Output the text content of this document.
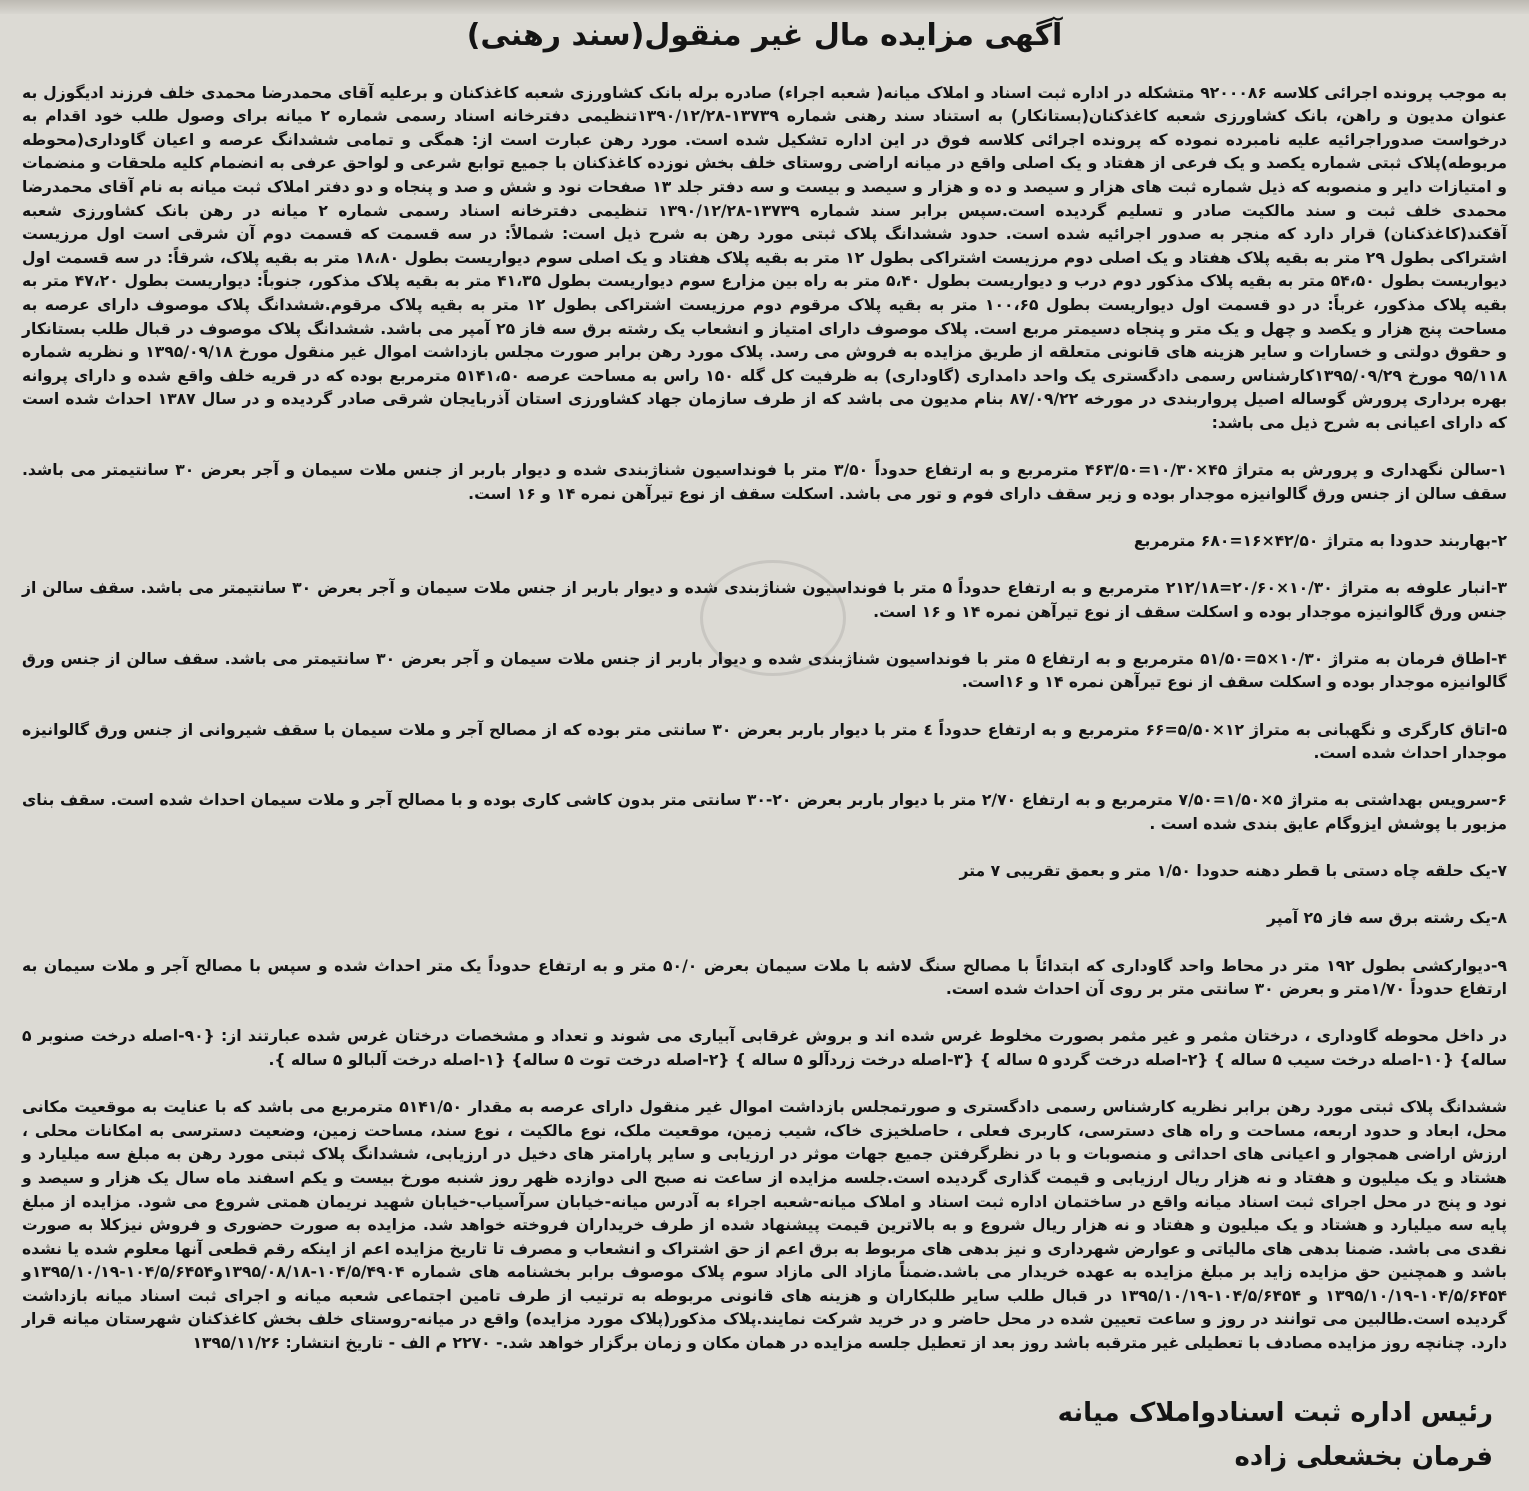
آگهی مزایده مال غیر منقول(سند رهنی)

به موجب پرونده اجرائی کلاسه ۹۲۰۰۰۸۶ متشکله در اداره ثبت اسناد و املاک میانه( شعبه اجراء) صادره برله بانک کشاورزی شعبه کاغذکنان و برعلیه آقای محمدرضا محمدی خلف فرزند ادیگوزل به عنوان مدیون و راهن، بانک کشاورزی شعبه کاغذکنان(بستانکار) به استناد سند رهنی شماره ۱۳۷۳۹-۱۳۹۰/۱۲/۲۸تنظیمی دفترخانه اسناد رسمی شماره ۲ میانه برای وصول طلب خود اقدام به درخواست صدوراجرائیه علیه نامبرده نموده که پرونده اجرائی کلاسه فوق در این اداره تشکیل شده است. مورد رهن عبارت است از: همگی و تمامی ششدانگ عرصه و اعیان گاوداری(محوطه مربوطه)پلاک ثبتی شماره یکصد و یک فرعی از هفتاد و یک اصلی واقع در میانه اراضی روستای خلف بخش نوزده کاغذکنان با جمیع توابع شرعی و لواحق عرفی به انضمام کلیه ملحقات و منضمات و امتیازات دایر و منصوبه که ذیل شماره ثبت های هزار و سیصد و ده و هزار و سیصد و بیست و سه دفتر جلد ۱۳ صفحات نود و شش و صد و پنجاه و دو دفتر املاک ثبت میانه به نام آقای محمدرضا محمدی خلف ثبت و سند مالکیت صادر و تسلیم گردیده است.سپس برابر سند شماره ۱۳۷۳۹-۱۳۹۰/۱۲/۲۸ تنظیمی دفترخانه اسناد رسمی شماره ۲ میانه در رهن بانک کشاورزی شعبه آقکند(کاغذکنان) قرار دارد که منجر به صدور اجرائیه شده است. حدود ششدانگ پلاک ثبتی مورد رهن به شرح ذیل است: شمالاً: در سه قسمت که قسمت دوم آن شرقی است اول مرزیست اشتراکی بطول ۲۹ متر به بقیه پلاک هفتاد و یک اصلی دوم مرزیست اشتراکی بطول ۱۲ متر به بقیه پلاک هفتاد و یک اصلی سوم دیواریست بطول ۱۸،۸۰ متر به بقیه پلاک، شرقاً: در سه قسمت اول دیواریست بطول ۵۴،۵۰ متر به بقیه پلاک مذکور دوم درب و دیواریست بطول ۵،۴۰ متر به راه بین مزارع سوم دیواریست بطول ۴۱،۳۵ متر به بقیه پلاک مذکور، جنوباً: دیواریست بطول ۴۷،۲۰ متر به بقیه پلاک مذکور، غرباً: در دو قسمت اول دیواریست بطول ۱۰۰،۶۵ متر به بقیه پلاک مرقوم دوم مرزیست اشتراکی بطول ۱۲ متر به بقیه پلاک مرقوم.ششدانگ پلاک موصوف دارای عرصه به مساحت پنج هزار و یکصد و چهل و یک متر و پنجاه دسیمتر مربع است. پلاک موصوف دارای امتیاز و انشعاب یک رشته برق سه فاز ۲۵ آمپر می باشد. ششدانگ پلاک موصوف در قبال طلب بستانکار و حقوق دولتی و خسارات و سایر هزینه های قانونی متعلقه از طریق مزایده به فروش می رسد. پلاک مورد رهن برابر صورت مجلس بازداشت اموال غیر منقول مورخ ۱۳۹۵/۰۹/۱۸ و نظریه شماره ۹۵/۱۱۸ مورخ ۱۳۹۵/۰۹/۲۹کارشناس رسمی دادگستری یک واحد دامداری (گاوداری) به ظرفیت کل گله ۱۵۰ راس به مساحت عرصه ۵۱۴۱،۵۰ مترمربع بوده که در قریه خلف واقع شده و دارای پروانه بهره برداری پرورش گوساله اصیل پرواربندی در مورخه ۸۷/۰۹/۲۲ بنام مدیون می باشد که از طرف سازمان جهاد کشاورزی استان آذربایجان شرقی صادر گردیده و در سال ۱۳۸۷ احداث شده است که دارای اعیانی به شرح ذیل می باشد:

۱-سالن نگهداری و پرورش به متراژ ۴۵×۱۰/۳۰=۴۶۳/۵۰ مترمربع و به ارتفاع حدوداً ۳/۵۰ متر با فونداسیون شناژبندی شده و دیوار باربر از جنس ملات سیمان و آجر بعرض ۳۰ سانتیمتر می باشد. سقف سالن از جنس ورق گالوانیزه موجدار بوده و زیر سقف دارای فوم و تور می باشد. اسکلت سقف از نوع تیرآهن نمره ۱۴ و ۱۶ است.

۲-بهاربند حدودا به متراژ ۴۲/۵۰×۱۶=۶۸۰ مترمربع

۳-انبار علوفه به متراژ ۱۰/۳۰×۲۰/۶۰=۲۱۲/۱۸ مترمربع و به ارتفاع حدوداً ۵ متر با فونداسیون شناژبندی شده و دیوار باربر از جنس ملات سیمان و آجر بعرض ۳۰ سانتیمتر می باشد. سقف سالن از جنس ورق گالوانیزه موجدار بوده و اسکلت سقف از نوع تیرآهن نمره ۱۴ و ۱۶ است.

۴-اطاق فرمان به متراژ ۱۰/۳۰×۵=۵۱/۵۰ مترمربع و به ارتفاع ۵ متر با فونداسیون شناژبندی شده و دیوار باربر از جنس ملات سیمان و آجر بعرض ۳۰ سانتیمتر می باشد. سقف سالن از جنس ورق گالوانیزه موجدار بوده و اسکلت سقف از نوع تیرآهن نمره ۱۴ و ۱۶است.

۵-اتاق کارگری و نگهبانی به متراژ ۱۲×۵/۵۰=۶۶ مترمربع و به ارتفاع حدوداً ٤ متر با دیوار باربر بعرض ۳۰ سانتی متر بوده که از مصالح آجر و ملات سیمان با سقف شیروانی از جنس ورق گالوانیزه موجدار احداث شده است.

۶-سرویس بهداشتی به متراژ ۵×۱/۵۰=۷/۵۰ مترمربع و به ارتفاع ۲/۷۰ متر با دیوار باربر بعرض ۲۰-۳۰ سانتی متر بدون کاشی کاری بوده و با مصالح آجر و ملات سیمان احداث شده است. سقف بنای مزبور با پوشش ایزوگام عایق بندی شده است .

۷-یک حلقه چاه دستی با قطر دهنه حدودا ۱/۵۰ متر و بعمق تقریبی ۷ متر

۸-یک رشته برق سه فاز ۲۵ آمپر

۹-دیوارکشی بطول ۱۹۲ متر در محاط واحد گاوداری که ابتدائاً با مصالح سنگ لاشه با ملات سیمان بعرض ۵۰/۰ متر و به ارتفاع حدوداً یک متر احداث شده و سپس با مصالح آجر و ملات سیمان به ارتفاع حدوداً ۱/۷۰متر و بعرض ۳۰ سانتی متر بر روی آن احداث شده است.

در داخل محوطه گاوداری ، درختان مثمر و غیر مثمر بصورت مخلوط غرس شده اند و بروش غرقابی آبیاری می شوند و تعداد و مشخصات درختان غرس شده عبارتند از: {۹۰-اصله درخت صنوبر ۵ ساله} {۱۰-اصله درخت سیب ۵ ساله } {۲-اصله درخت گردو ۵ ساله } {۳-اصله درخت زردآلو ۵ ساله } {۲-اصله درخت توت ۵ ساله} {۱-اصله درخت آلبالو ۵ ساله }.

ششدانگ پلاک ثبتی مورد رهن برابر نظریه کارشناس رسمی دادگستری و صورتمجلس بازداشت اموال غیر منقول دارای عرصه به مقدار ۵۱۴۱/۵۰ مترمربع می باشد که با عنایت به موقعیت مکانی محل، ابعاد و حدود اربعه، مساحت و راه های دسترسی، کاربری فعلی ، حاصلخیزی خاک، شیب زمین، موقعیت ملک، نوع مالکیت ، نوع سند، مساحت زمین، وضعیت دسترسی به امکانات محلی ، ارزش اراضی همجوار و اعیانی های احداثی و منصوبات و با در نظرگرفتن جمیع جهات موثر در ارزیابی و سایر پارامتر های دخیل در ارزیابی، ششدانگ پلاک ثبتی مورد رهن به مبلغ سه میلیارد و هشتاد و یک میلیون و هفتاد و نه هزار ریال ارزیابی و قیمت گذاری گردیده است.جلسه مزایده از ساعت نه صبح الی دوازده ظهر روز شنبه مورخ بیست و یکم اسفند ماه سال یک هزار و سیصد و نود و پنج در محل اجرای ثبت اسناد میانه واقع در ساختمان اداره ثبت اسناد و املاک میانه-شعبه اجراء به آدرس میانه-خیابان سرآسیاب-خیابان شهید نریمان همتی شروع می شود. مزایده از مبلغ پایه سه میلیارد و هشتاد و یک میلیون و هفتاد و نه هزار ریال شروع و به بالاترین قیمت پیشنهاد شده از طرف خریداران فروخته خواهد شد. مزایده به صورت حضوری و فروش نیزکلا به صورت نقدی می باشد. ضمنا بدهی های مالیاتی و عوارض شهرداری و نیز بدهی های مربوط به برق اعم از حق اشتراک و انشعاب و مصرف تا تاریخ مزایده اعم از اینکه رقم قطعی آنها معلوم شده یا نشده باشد و همچنین حق مزایده زاید بر مبلغ مزایده به عهده خریدار می باشد.ضمناً مازاد الی مازاد سوم پلاک موصوف برابر بخشنامه های شماره ۱۰۴/۵/۴۹۰۴-۱۳۹۵/۰۸/۱۸و۱۰۴/۵/۶۴۵۴-۱۳۹۵/۱۰/۱۹و ۱۰۴/۵/۶۴۵۴-۱۳۹۵/۱۰/۱۹ و ۱۰۴/۵/۶۴۵۴-۱۳۹۵/۱۰/۱۹ در قبال طلب سایر طلبکاران و هزینه های قانونی مربوطه به ترتیب از طرف تامین اجتماعی شعبه میانه و اجرای ثبت اسناد میانه بازداشت گردیده است.طالبین می توانند در روز و ساعت تعیین شده در محل حاضر و در خرید شرکت نمایند.پلاک مذکور(پلاک مورد مزایده) واقع در میانه-روستای خلف بخش کاغذکنان شهرستان میانه قرار دارد. چنانچه روز مزایده مصادف با تعطیلی غیر مترقبه باشد روز بعد از تعطیل جلسه مزایده در همان مکان و زمان برگزار خواهد شد.- ۲۲۷۰ م الف - تاریخ انتشار: ۱۳۹۵/۱۱/۲۶

رئیس اداره ثبت اسنادواملاک میانه
فرمان بخشعلی زاده
